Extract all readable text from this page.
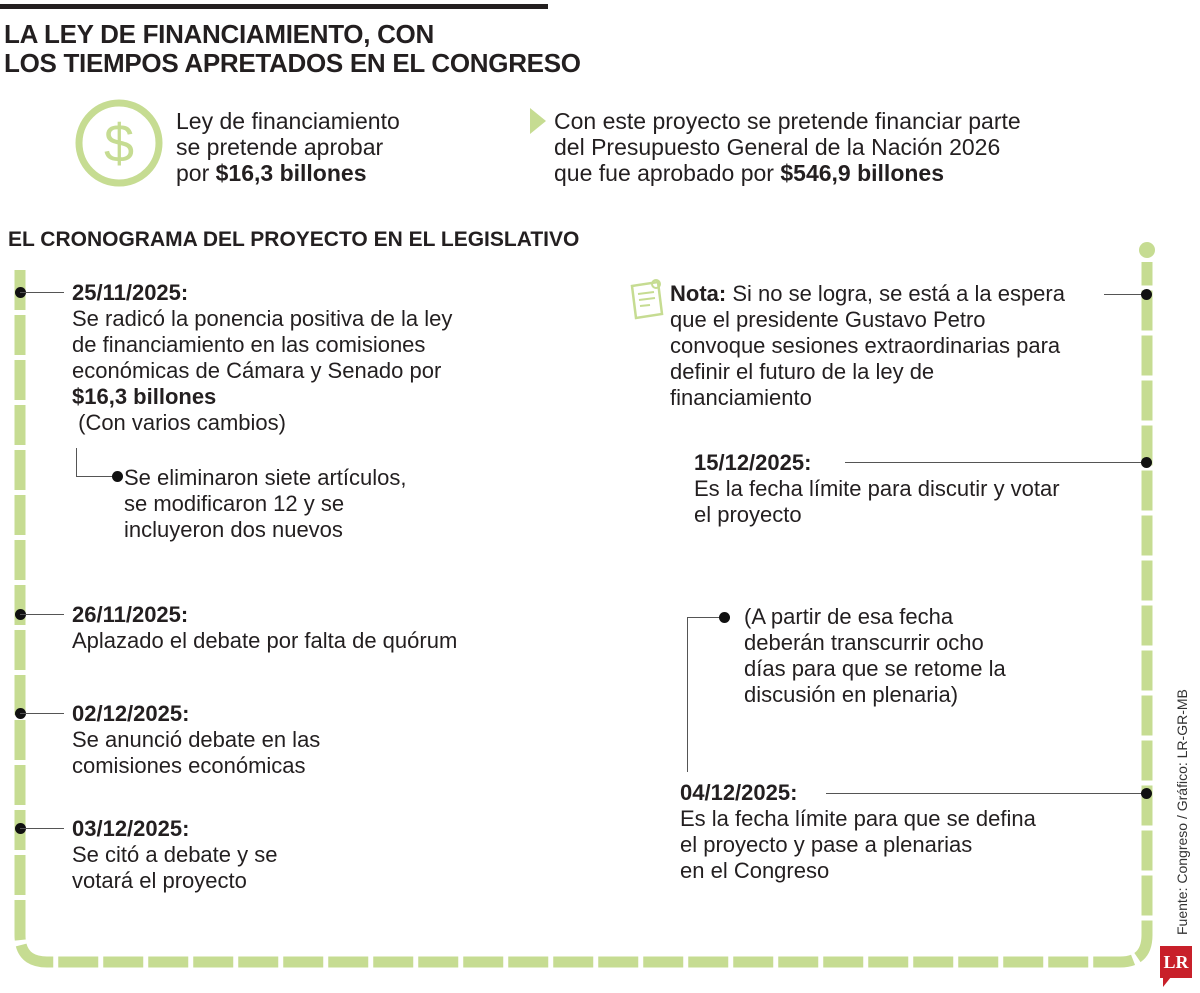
LA LEY DE FINANCIAMIENTO, CON
LOS TIEMPOS APRETADOS EN EL CONGRESO
$ Ley de financiamiento
se pretende aprobar
por $16,3 billones
Con este proyecto se pretende financiar parte
del Presupuesto General de la Nación 2026
que fue aprobado por $546,9 billones
EL CRONOGRAMA DEL PROYECTO EN EL LEGISLATIVO
25/11/2025:
Se radicó la ponencia positiva de la ley
de financiamiento en las comisiones
económicas de Cámara y Senado por
$16,3 billones
(Con varios cambios)
Se eliminaron siete artículos,
se modificaron 12 y se
incluyeron dos nuevos
26/11/2025:
Aplazado el debate por falta de quórum
02/12/2025:
Se anunció debate en las
comisiones económicas
03/12/2025:
Se citó a debate y se
votará el proyecto
Nota: Si no se logra, se está a la espera
que el presidente Gustavo Petro
convoque sesiones extraordinarias para
definir el futuro de la ley de
financiamiento
15/12/2025:
Es la fecha límite para discutir y votar
el proyecto
(A partir de esa fecha
deberán transcurrir ocho
días para que se retome la
discusión en plenaria)
04/12/2025:
Es la fecha límite para que se defina
el proyecto y pase a plenarias
en el Congreso	Fuente: Congreso / Gráfico: LR-GR-MB
LR
